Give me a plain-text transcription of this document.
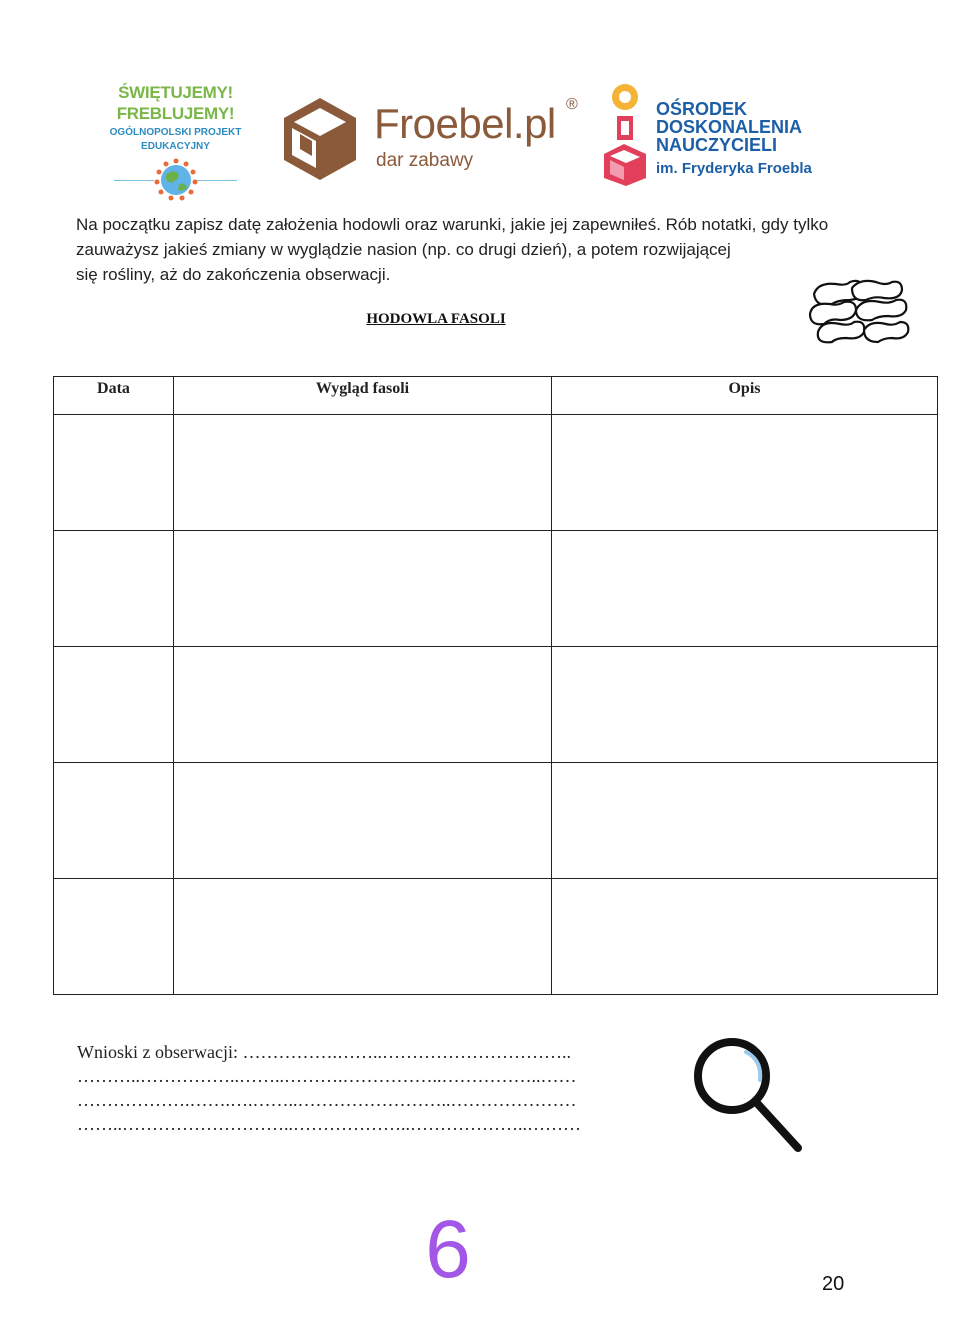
ŚWIĘTUJEMY!
FREBLUJEMY!
OGÓLNOPOLSKI PROJEKT
EDUKACYJNY	Froebel.pl ®
dar zabawy
OŚRODEK
DOSKONALENIA
NAUCZYCIELI
im. Fryderyka Froebla
Na początku zapisz datę założenia hodowli oraz warunki, jakie jej zapewniłeś. Rób notatki, gdy tylko
zauważysz jakieś zmiany w wyglądzie nasion (np. co drugi dzień), a potem rozwijającej
się rośliny, aż do zakończenia obserwacji.
HODOWLA FASOLI
Data	Wygląd fasoli	Opis

Wnioski z obserwacji: …………….……..…………………………..
………..……………..……..……….……………..……………..……
……………….…….….……..……………………..…………………
……..………………………..………………..………………..………
6	20
